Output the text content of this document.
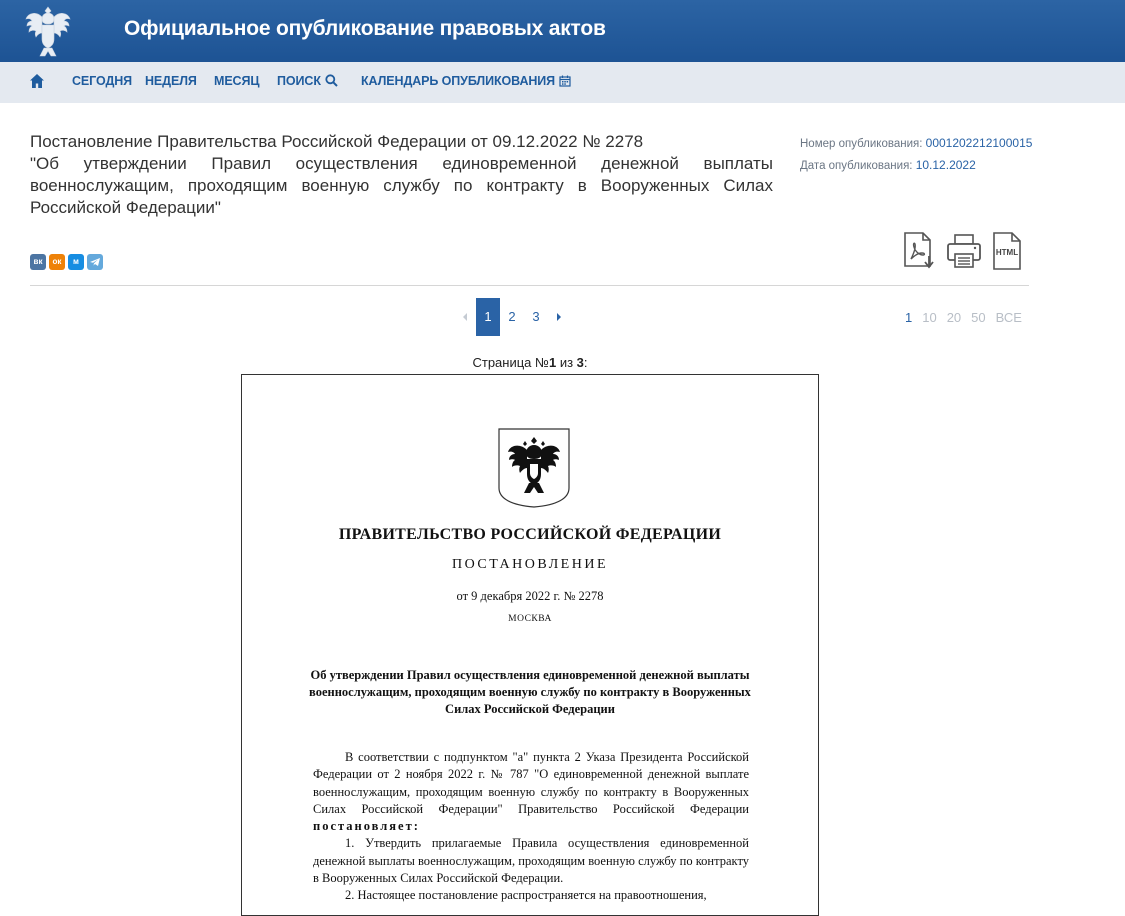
Официальное опубликование правовых актов
СЕГОДНЯ НЕДЕЛЯ МЕСЯЦ ПОИСК	КАЛЕНДАРЬ ОПУБЛИКОВАНИЯ
Постановление Правительства Российской Федерации от 09.12.2022 № 2278
"Об утверждении Правил осуществления единовременной денежной выплаты военнослужащим, проходящим военную службу по контракту в Вооруженных Силах Российской Федерации"
Номер опубликования: 0001202212100015
Дата опубликования: 10.12.2022
вк	ок	м
HTML
1	2	3	1 10 20 50 ВСЕ
Страница №1 из 3:
ПРАВИТЕЛЬСТВО РОССИЙСКОЙ ФЕДЕРАЦИИ
ПОСТАНОВЛЕНИЕ
от 9 декабря 2022 г. № 2278
МОСКВА
Об утверждении Правил осуществления единовременной денежной выплаты военнослужащим, проходящим военную службу по контракту в Вооруженных Силах Российской Федерации

В соответствии с подпунктом "а" пункта 2 Указа Президента Российской Федерации от 2 ноября 2022 г. № 787 "О единовременной денежной выплате военнослужащим, проходящим военную службу по контракту в Вооруженных Силах Российской Федерации" Правительство Российской Федерации постановляет:

1. Утвердить прилагаемые Правила осуществления единовременной денежной выплаты военнослужащим, проходящим военную службу по контракту в Вооруженных Силах Российской Федерации.

2. Настоящее постановление распространяется на правоотношения,
